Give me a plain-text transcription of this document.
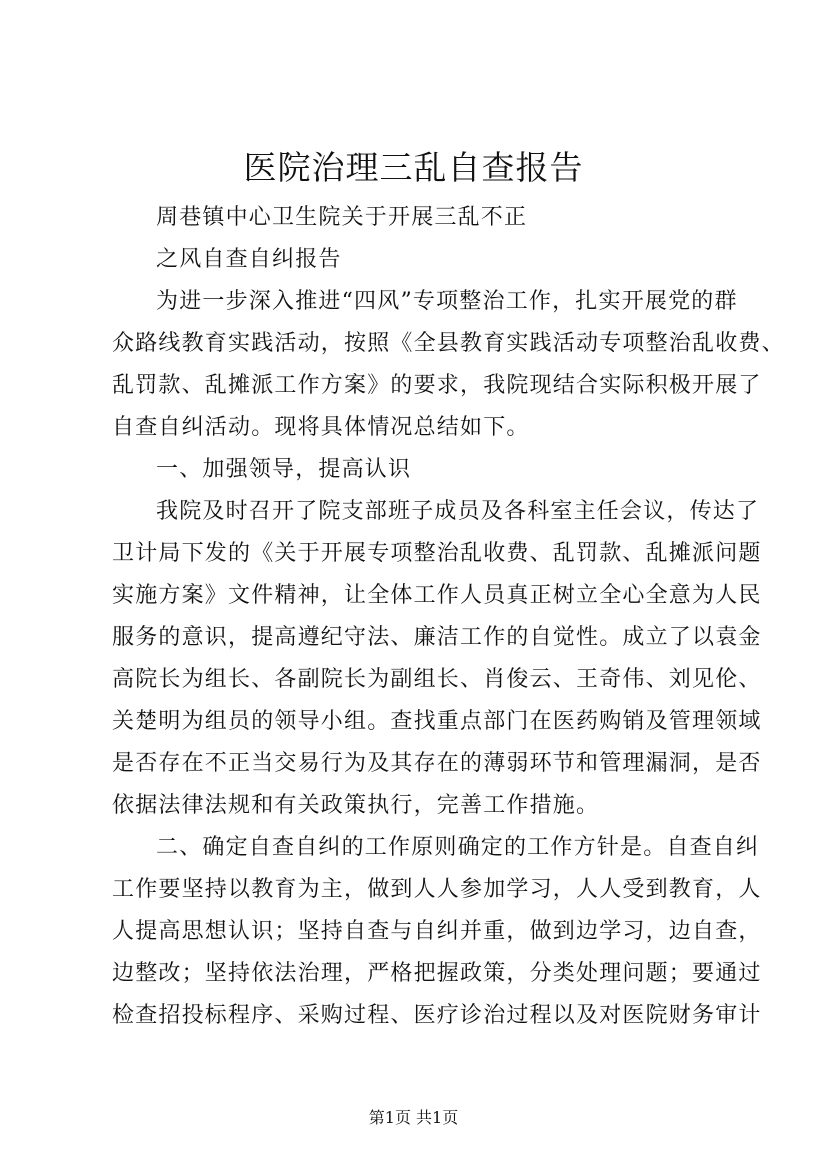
医院治理三乱自查报告
周巷镇中心卫生院关于开展三乱不正
之风自查自纠报告
为进一步深入推进“四风”专项整治工作，扎实开展党的群
众路线教育实践活动，按照《全县教育实践活动专项整治乱收费、
乱罚款、乱摊派工作方案》的要求，我院现结合实际积极开展了
自查自纠活动。现将具体情况总结如下。
一、加强领导，提高认识
我院及时召开了院支部班子成员及各科室主任会议，传达了
卫计局下发的《关于开展专项整治乱收费、乱罚款、乱摊派问题
实施方案》文件精神，让全体工作人员真正树立全心全意为人民
服务的意识，提高遵纪守法、廉洁工作的自觉性。成立了以袁金
高院长为组长、各副院长为副组长、肖俊云、王奇伟、刘见伦、
关楚明为组员的领导小组。查找重点部门在医药购销及管理领域
是否存在不正当交易行为及其存在的薄弱环节和管理漏洞，是否
依据法律法规和有关政策执行，完善工作措施。
二、确定自查自纠的工作原则确定的工作方针是。自查自纠
工作要坚持以教育为主，做到人人参加学习，人人受到教育，人
人提高思想认识；坚持自查与自纠并重，做到边学习，边自查，
边整改；坚持依法治理，严格把握政策，分类处理问题；要通过
检查招投标程序、采购过程、医疗诊治过程以及对医院财务审计
第1页 共1页
